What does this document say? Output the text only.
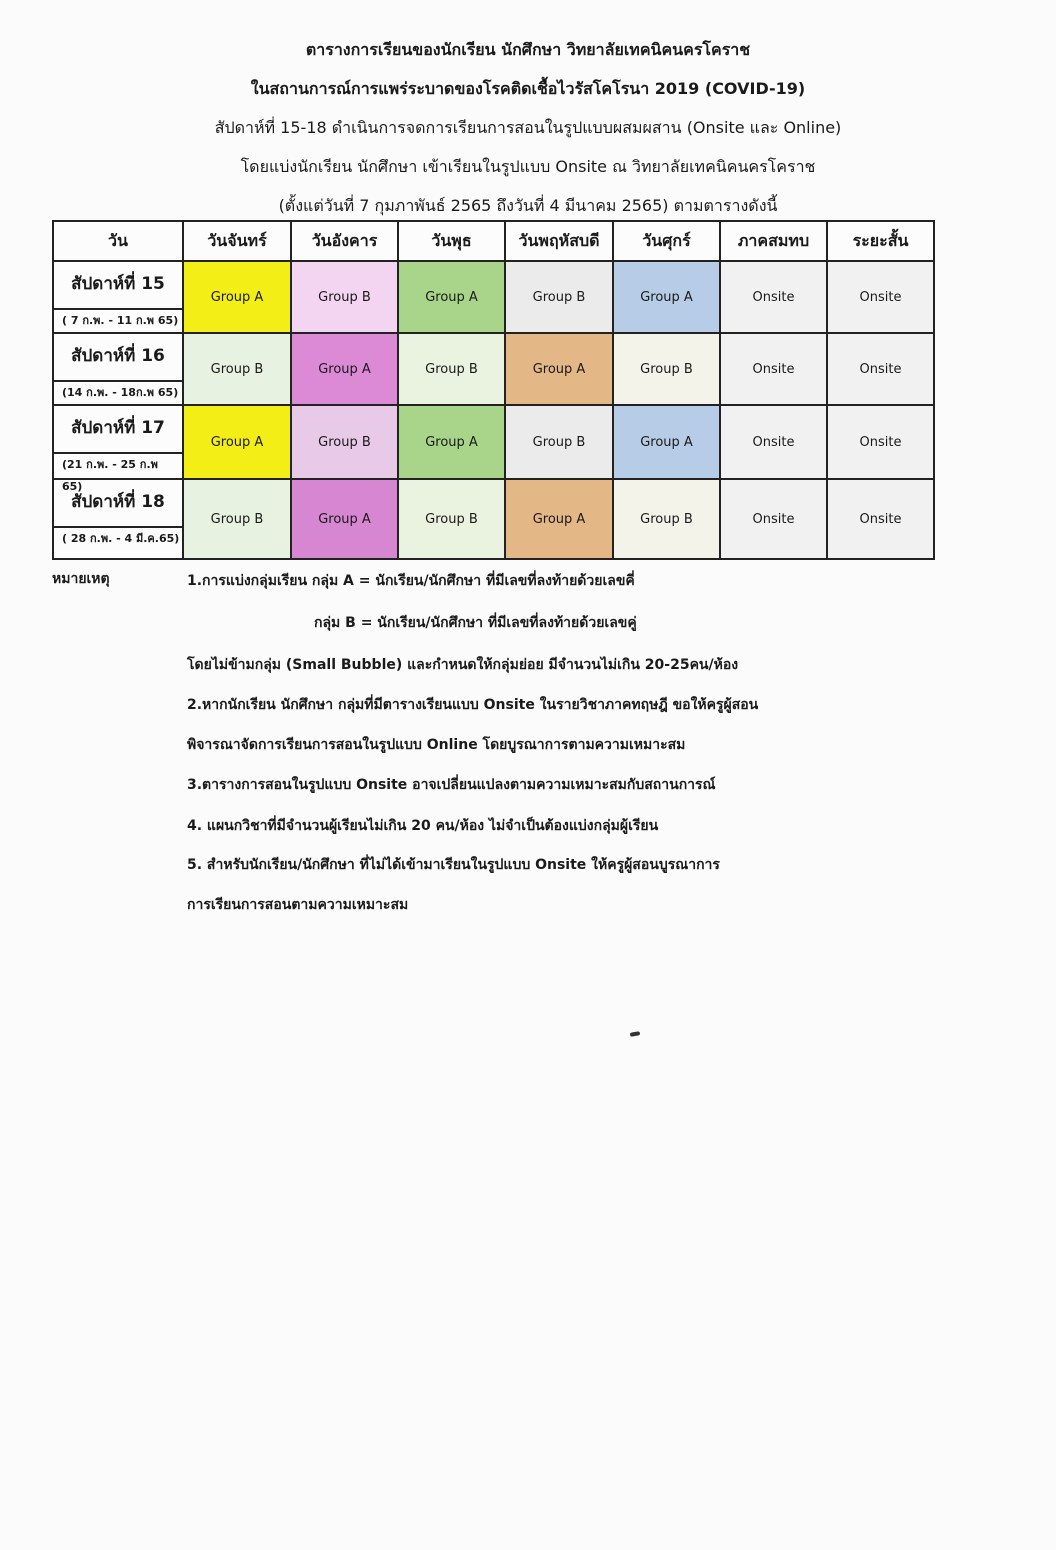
ตารางการเรียนของนักเรียน นักศึกษา วิทยาลัยเทคนิคนครโคราช
ในสถานการณ์การแพร่ระบาดของโรคติดเชื้อไวรัสโคโรนา 2019 (COVID-19)
สัปดาห์ที่ 15-18 ดำเนินการจดการเรียนการสอนในรูปแบบผสมผสาน (Onsite และ Online)
โดยแบ่งนักเรียน นักศึกษา เข้าเรียนในรูปแบบ Onsite ณ วิทยาลัยเทคนิคนครโคราช
(ตั้งแต่วันที่ 7 กุมภาพันธ์ 2565 ถึงวันที่ 4 มีนาคม 2565) ตามตารางดังนี้
วัน	วันจันทร์	วันอังคาร	วันพุธ	วันพฤหัสบดี	วันศุกร์	ภาคสมทบ	ระยะสั้น

สัปดาห์ที่ 15
( 7 ก.พ. - 11 ก.พ 65)	Group A	Group B	Group A	Group B	Group A	Onsite	Onsite

สัปดาห์ที่ 16
(14 ก.พ. - 18ก.พ 65)	Group B	Group A	Group B	Group A	Group B	Onsite	Onsite

สัปดาห์ที่ 17
(21 ก.พ. - 25 ก.พ 65)	Group A	Group B	Group A	Group B	Group A	Onsite	Onsite

สัปดาห์ที่ 18
( 28 ก.พ. - 4 มี.ค.65)	Group B	Group A	Group B	Group A	Group B	Onsite	Onsite
หมายเหตุ	1.การแบ่งกลุ่มเรียน กลุ่ม A = นักเรียน/นักศึกษา ที่มีเลขที่ลงท้ายด้วยเลขคี่

กลุ่ม B = นักเรียน/นักศึกษา ที่มีเลขที่ลงท้ายด้วยเลขคู่

โดยไม่ข้ามกลุ่ม (Small Bubble) และกำหนดให้กลุ่มย่อย มีจำนวนไม่เกิน 20-25คน/ห้อง

2.หากนักเรียน นักศึกษา กลุ่มที่มีตารางเรียนแบบ Onsite ในรายวิชาภาคทฤษฎี ขอให้ครูผู้สอน

พิจารณาจัดการเรียนการสอนในรูปแบบ Online โดยบูรณาการตามความเหมาะสม

3.ตารางการสอนในรูปแบบ Onsite อาจเปลี่ยนแปลงตามความเหมาะสมกับสถานการณ์

4. แผนกวิชาที่มีจำนวนผู้เรียนไม่เกิน 20 คน/ห้อง ไม่จำเป็นต้องแบ่งกลุ่มผู้เรียน

5. สำหรับนักเรียน/นักศึกษา ที่ไม่ได้เข้ามาเรียนในรูปแบบ Onsite ให้ครูผู้สอนบูรณาการ

การเรียนการสอนตามความเหมาะสม
